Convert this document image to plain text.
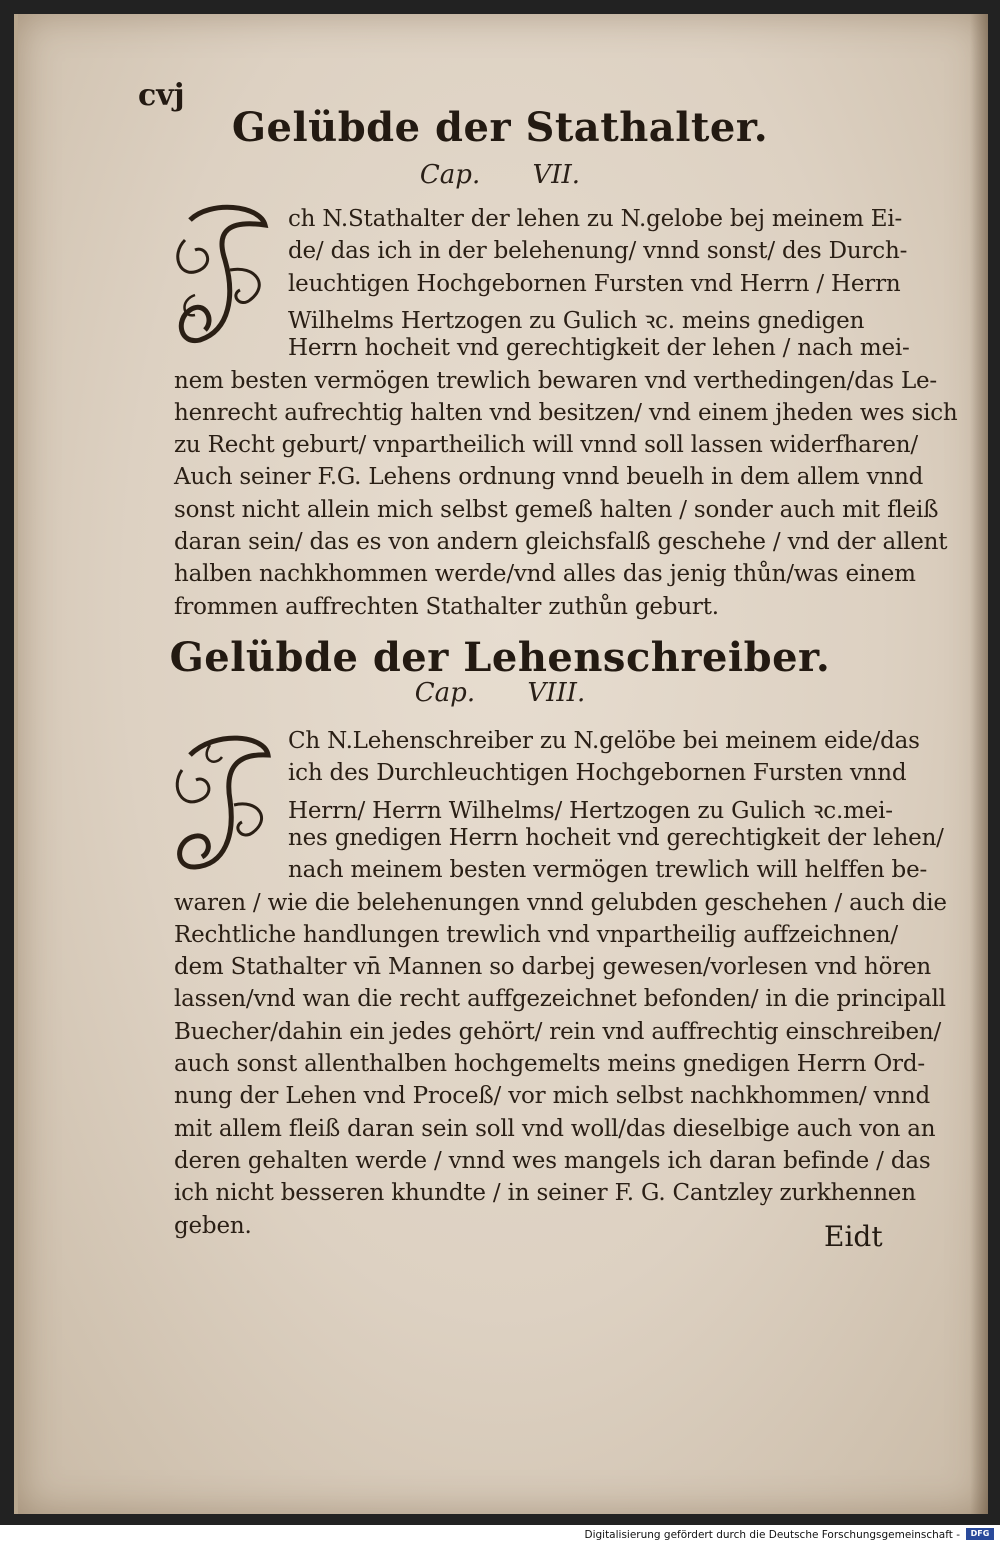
cvj
Gelübde der Stathalter.
Cap. VII.
ch N.Stathalter der lehen zu N.gelobe bej meinem Ei-
de/ das ich in der belehenung/ vnnd sonst/ des Durch-
leuchtigen Hochgebornen Fursten vnd Herrn / Herrn
Wilhelms Hertzogen zu Gulich ꝛc. meins gnedigen
Herrn hocheit vnd gerechtigkeit der lehen / nach mei-
nem besten vermögen trewlich bewaren vnd verthedingen/das Le-
henrecht aufrechtig halten vnd besitzen/ vnd einem jheden wes sich
zu Recht geburt/ vnpartheilich will vnnd soll lassen widerfharen/
Auch seiner F.G. Lehens ordnung vnnd beuelh in dem allem vnnd
sonst nicht allein mich selbst gemeß halten / sonder auch mit fleiß
daran sein/ das es von andern gleichsfalß geschehe / vnd der allent
halben nachkhommen werde/vnd alles das jenig thůn/was einem
frommen auffrechten Stathalter zuthůn geburt.
Gelübde der Lehenschreiber.
Cap. VIII.
Ch N.Lehenschreiber zu N.gelöbe bei meinem eide/das
ich des Durchleuchtigen Hochgebornen Fursten vnnd
Herrn/ Herrn Wilhelms/ Hertzogen zu Gulich ꝛc.mei-
nes gnedigen Herrn hocheit vnd gerechtigkeit der lehen/
nach meinem besten vermögen trewlich will helffen be-
waren / wie die belehenungen vnnd gelubden geschehen / auch die
Rechtliche handlungen trewlich vnd vnpartheilig auffzeichnen/
dem Stathalter vn̄ Mannen so darbej gewesen/vorlesen vnd hören
lassen/vnd wan die recht auffgezeichnet befonden/ in die principall
Buecher/dahin ein jedes gehört/ rein vnd auffrechtig einschreiben/
auch sonst allenthalben hochgemelts meins gnedigen Herrn Ord-
nung der Lehen vnd Proceß/ vor mich selbst nachkhommen/ vnnd
mit allem fleiß daran sein soll vnd woll/das dieselbige auch von an
deren gehalten werde / vnnd wes mangels ich daran befinde / das
ich nicht besseren khundte / in seiner F. G. Cantzley zurkhennen
geben.	Eidt
Digitalisierung gefördert durch die Deutsche Forschungsgemeinschaft -	DFG
